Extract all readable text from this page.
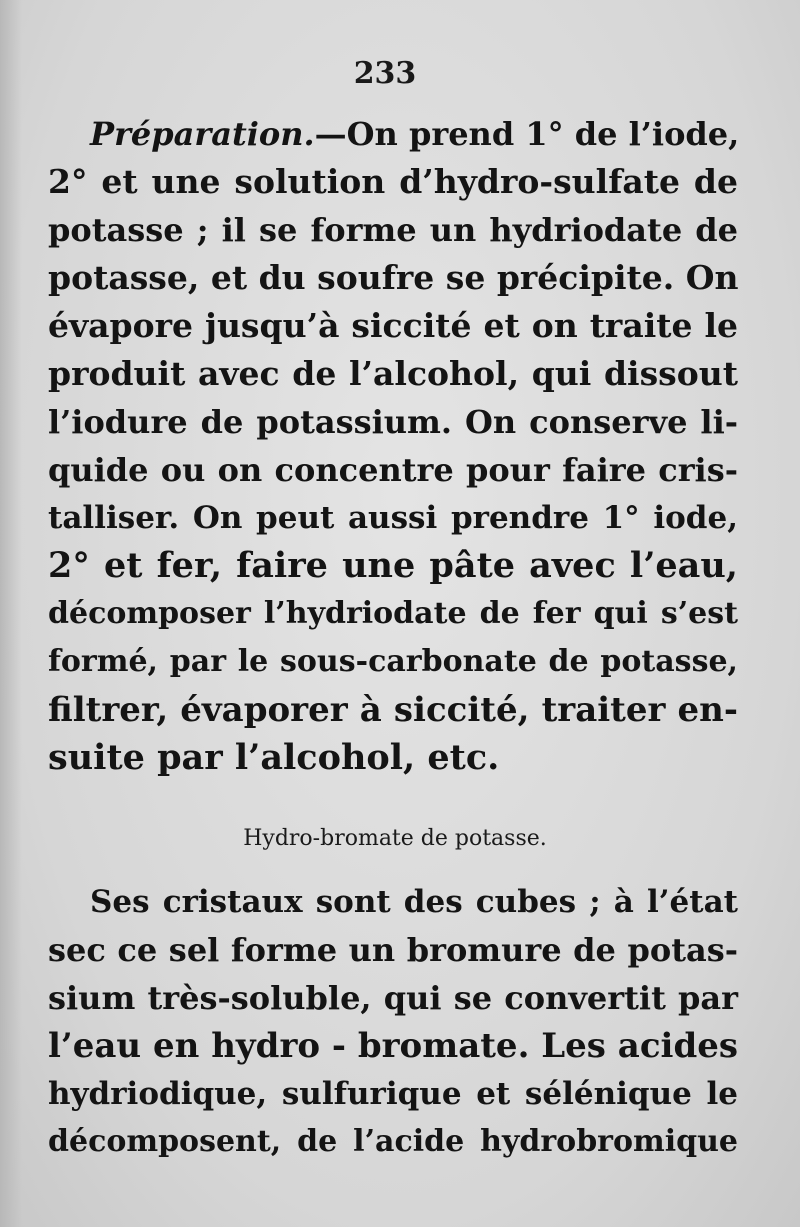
233
Préparation.—On prend 1° de l’iode,
2° et une solution d’hydro-sulfate de
potasse ; il se forme un hydriodate de
potasse, et du soufre se précipite. On
évapore jusqu’à siccité et on traite le
produit avec de l’alcohol, qui dissout
l’iodure de potassium. On conserve li-
quide ou on concentre pour faire cris-
talliser. On peut aussi prendre 1° iode,
2° et fer, faire une pâte avec l’eau,
décomposer l’hydriodate de fer qui s’est
formé, par le sous-carbonate de potasse,
filtrer, évaporer à siccité, traiter en-
suite par l’alcohol, etc.
Hydro-bromate de potasse.
Ses cristaux sont des cubes ; à l’état
sec ce sel forme un bromure de potas-
sium très-soluble, qui se convertit par
l’eau en hydro - bromate. Les acides
hydriodique, sulfurique et sélénique le
décomposent, de l’acide hydrobromique
